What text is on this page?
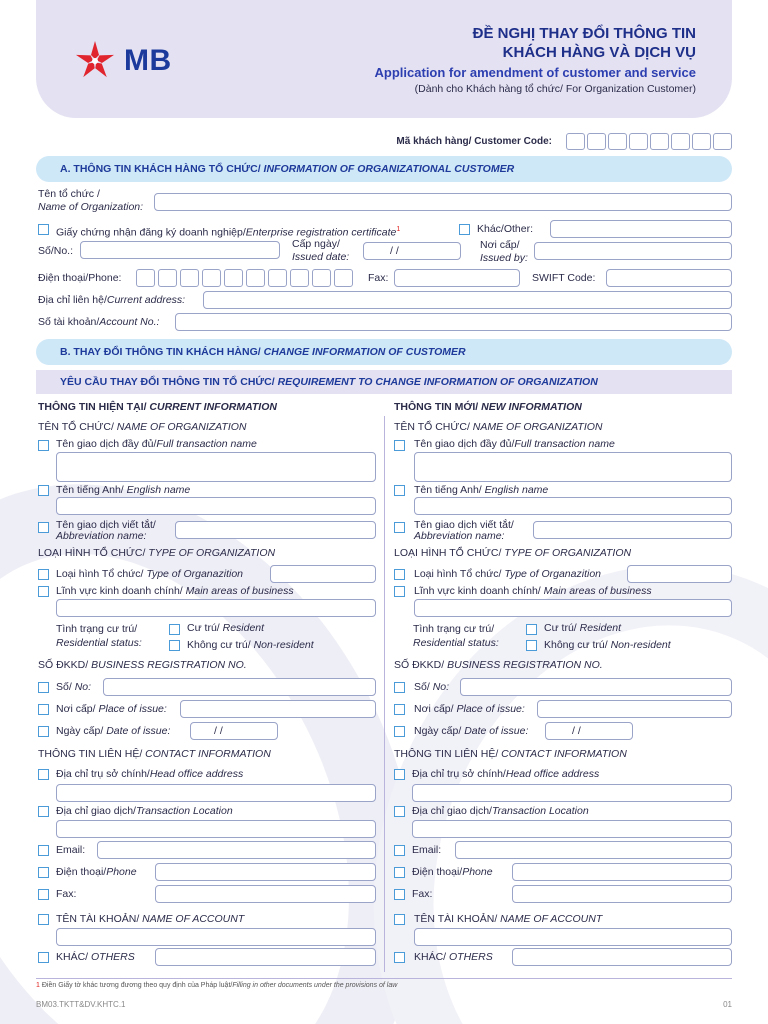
MB
ĐỀ NGHỊ THAY ĐỔI THÔNG TIN
KHÁCH HÀNG VÀ DỊCH VỤ
Application for amendment of customer and service
(Dành cho Khách hàng tổ chức/ For Organization Customer)
Mã khách hàng/ Customer Code:
A. THÔNG TIN KHÁCH HÀNG TỔ CHỨC/ INFORMATION OF ORGANIZATIONAL CUSTOMER
Tên tổ chức /
Name of Organization:
Giấy chứng nhận đăng ký doanh nghiệp/Enterprise registration certificate$^1$	Khác/Other:
Số/No.:
Cấp ngày/
Issued date:	/ /	Nơi cấp/
Issued by:
Điện thoại/Phone:	Fax:	SWIFT Code:
Địa chỉ liên hệ/Current address:
Số tài khoản/Account No.:
B. THAY ĐỔI THÔNG TIN KHÁCH HÀNG/ CHANGE INFORMATION OF CUSTOMER
YÊU CẦU THAY ĐỔI THÔNG TIN TỔ CHỨC/ REQUIREMENT TO CHANGE INFORMATION OF ORGANIZATION
THÔNG TIN HIỆN TẠI/ CURRENT INFORMATION
TÊN TỔ CHỨC/ NAME OF ORGANIZATION
Tên giao dịch đầy đủ/Full transaction name
Tên tiếng Anh/ English name
Tên giao dịch viết tắt/
Abbreviation name:
LOẠI HÌNH TỔ CHỨC/ TYPE OF ORGANIZATION
Loại hình Tổ chức/ Type of Organazition
Lĩnh vực kinh doanh chính/ Main areas of business
Tình trạng cư trú/
Residential status:
Cư trú/ Resident
Không cư trú/ Non-resident
SỐ ĐKKD/ BUSINESS REGISTRATION NO.
Số/ No:
Nơi cấp/ Place of issue:
Ngày cấp/ Date of issue:	/ /
THÔNG TIN LIÊN HỆ/ CONTACT INFORMATION
Địa chỉ trụ sở chính/Head office address
Địa chỉ giao dịch/Transaction Location
Email:
Điện thoại/Phone
Fax:
TÊN TÀI KHOẢN/ NAME OF ACCOUNT
KHÁC/ OTHERS
THÔNG TIN MỚI/ NEW INFORMATION
TÊN TỔ CHỨC/ NAME OF ORGANIZATION
Tên giao dịch đầy đủ/Full transaction name
Tên tiếng Anh/ English name
Tên giao dịch viết tắt/
Abbreviation name:
LOẠI HÌNH TỔ CHỨC/ TYPE OF ORGANIZATION
Loại hình Tổ chức/ Type of Organazition
Lĩnh vực kinh doanh chính/ Main areas of business
Tình trạng cư trú/
Residential status:
Cư trú/ Resident
Không cư trú/ Non-resident
SỐ ĐKKD/ BUSINESS REGISTRATION NO.
Số/ No:
Nơi cấp/ Place of issue:
Ngày cấp/ Date of issue:	/ /
THÔNG TIN LIÊN HỆ/ CONTACT INFORMATION
Địa chỉ trụ sở chính/Head office address
Địa chỉ giao dịch/Transaction Location
Email:
Điện thoại/Phone
Fax:
TÊN TÀI KHOẢN/ NAME OF ACCOUNT
KHÁC/ OTHERS
1 Điền Giấy tờ khác tương đương theo quy định của Pháp luật/Filling in other documents under the provisions of law
BM03.TKTT&DV.KHTC.1	01
